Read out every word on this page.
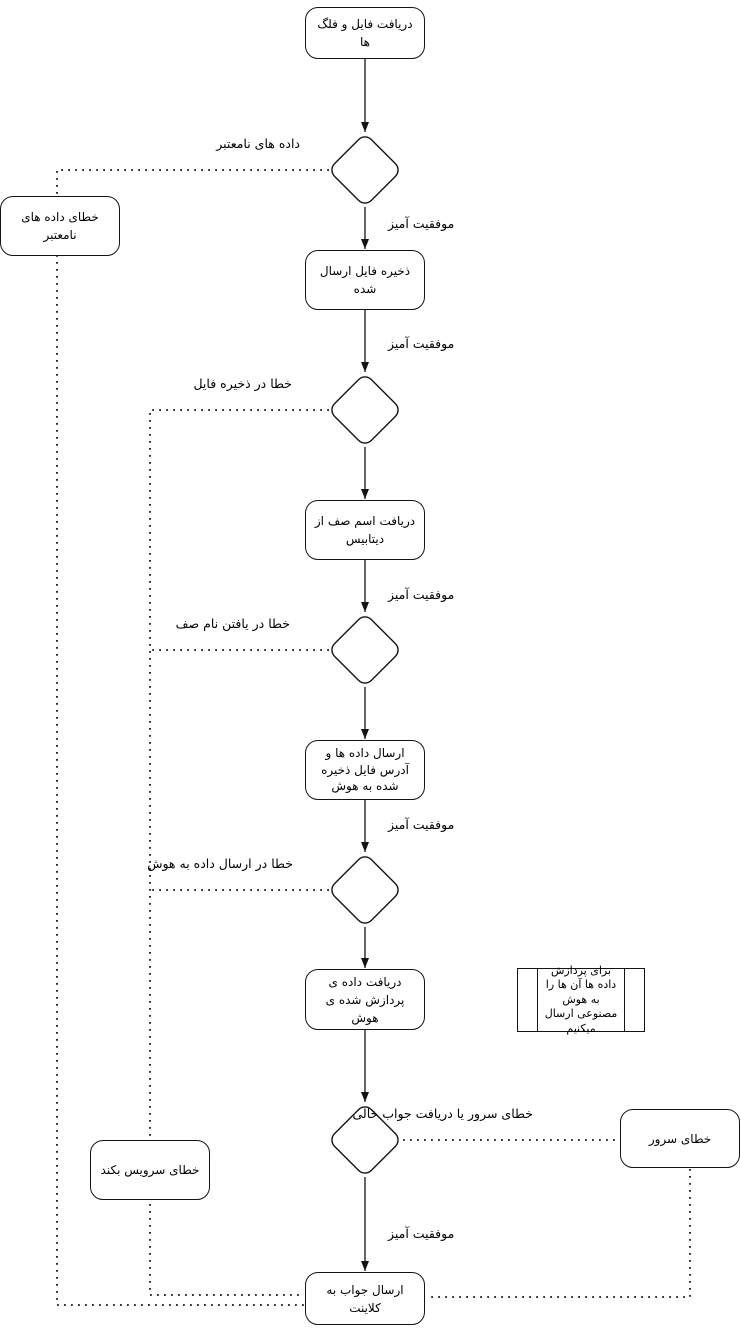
دریافت فایل و فلگ ها
ذخیره فایل ارسال شده
دریافت اسم صف از دیتابیس
ارسال داده ها و آدرس فایل ذخیره شده به هوش
دریافت داده ی پردازش شده ی هوش
ارسال جواب به کلاینت
خطای داده های نامعتبر
خطای سرویس بکند
خطای سرور
برای پردازش داده ها آن ها را به هوش مصنوعی ارسال میکنیم
داده های نامعتبر
خطا در ذخیره فایل
خطا در یافتن نام صف
خطا در ارسال داده به هوش
خطای سرور یا دریافت جواب خالی
موفقیت آمیز
موفقیت آمیز
موفقیت آمیز
موفقیت آمیز
موفقیت آمیز
